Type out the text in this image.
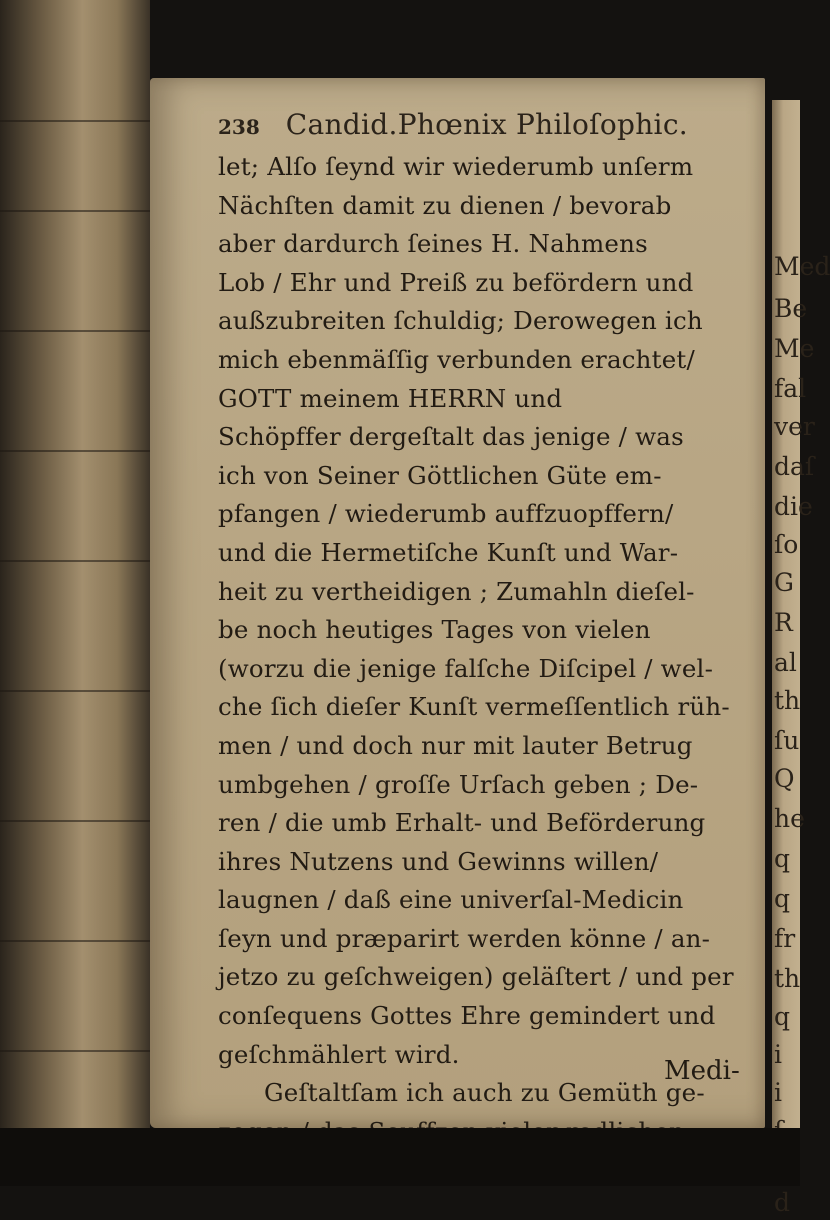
Med
Be
Me
fal
ver
daſ
die
ſo
G
R
al
th
ſu
Q
he
q
q
fr
th
q
i
i
d
238 Candid.Phœnix Philoſophic.
let; Alſo ſeynd wir wiederumb unſerm
Nächſten damit zu dienen / bevorab
aber dardurch ſeines H. Nahmens
Lob / Ehr und Preiß zu befördern und
außzubreiten ſchuldig; Derowegen ich
mich ebenmäſſig verbunden erachtet/
GOTT meinem HERRN und
Schöpffer dergeſtalt das jenige / was
ich von Seiner Göttlichen Güte em-
pfangen / wiederumb auffzuopffern/
und die Hermetiſche Kunſt und War-
heit zu vertheidigen ; Zumahln dieſel-
be noch heutiges Tages von vielen
(worzu die jenige falſche Diſcipel / wel-
che ſich dieſer Kunſt vermeſſentlich rüh-
men / und doch nur mit lauter Betrug
umbgehen / groſſe Urſach geben ; De-
ren / die umb Erhalt- und Beförderung
ihres Nutzens und Gewinns willen/
laugnen / daß eine univerſal-Medicin
ſeyn und præparirt werden könne / an-
jetzo zu geſchweigen) geläſtert / und per
conſequens Gottes Ehre gemindert und
geſchmählert wird.
Geſtaltſam ich auch zu Gemüth ge-
Medi-
